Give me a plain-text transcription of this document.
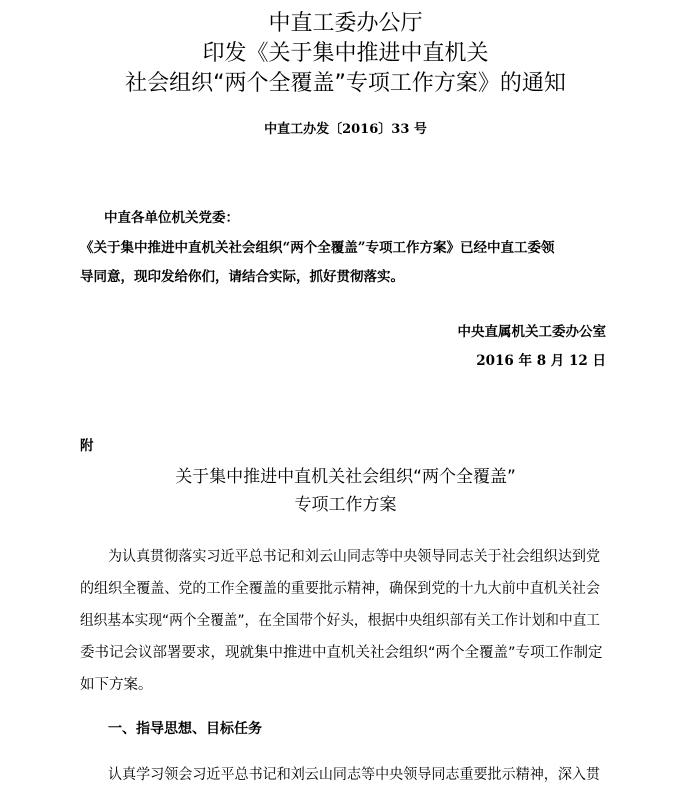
中直工委办公厅
印发《关于集中推进中直机关
社会组织“两个全覆盖”专项工作方案》的通知
中直工办发〔2016〕33 号
中直各单位机关党委：
《关于集中推进中直机关社会组织“两个全覆盖”专项工作方案》已经中直工委领
导同意，现印发给你们，请结合实际，抓好贯彻落实。
中央直属机关工委办公室
2016 年 8 月 12 日
附
关于集中推进中直机关社会组织“两个全覆盖”
专项工作方案
为认真贯彻落实习近平总书记和刘云山同志等中央领导同志关于社会组织达到党
的组织全覆盖、党的工作全覆盖的重要批示精神，确保到党的十九大前中直机关社会
组织基本实现“两个全覆盖”，在全国带个好头，根据中央组织部有关工作计划和中直工
委书记会议部署要求，现就集中推进中直机关社会组织“两个全覆盖”专项工作制定
如下方案。
一、指导思想、目标任务
认真学习领会习近平总书记和刘云山同志等中央领导同志重要批示精神，深入贯
